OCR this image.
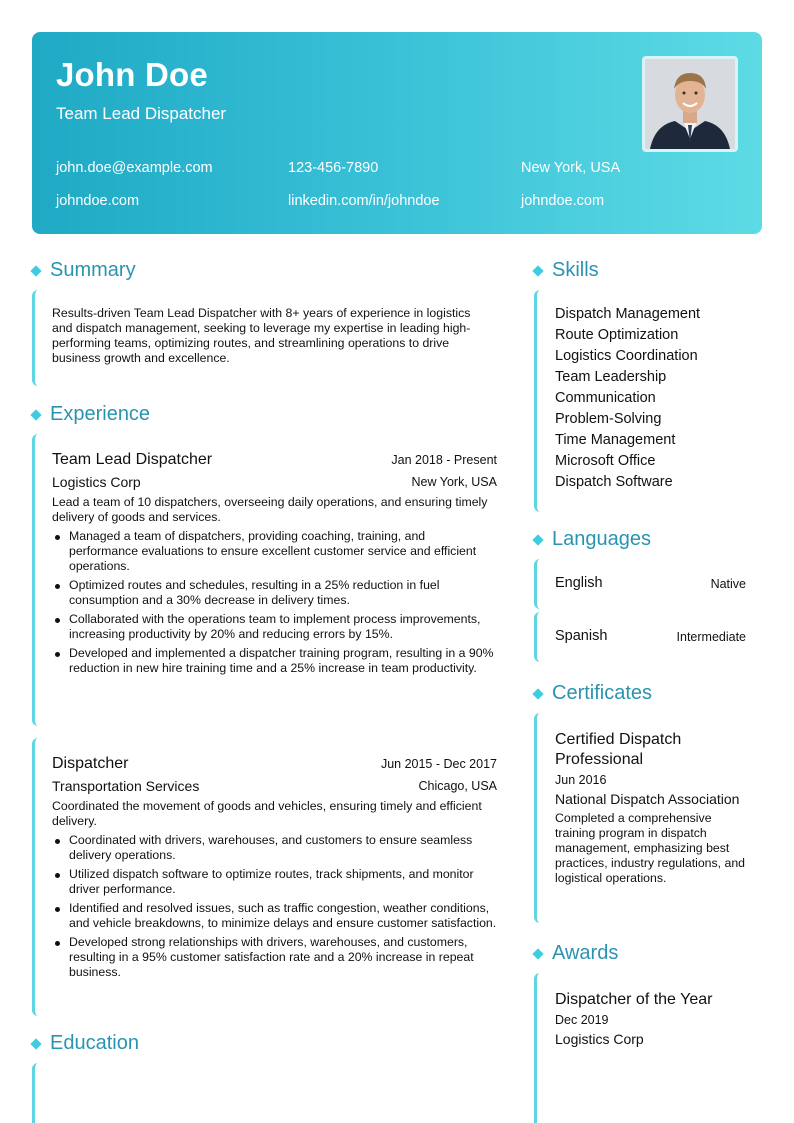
John Doe
Team Lead Dispatcher
john.doe@example.com	123-456-7890	New York, USA
johndoe.com	linkedin.com/in/johndoe	johndoe.com
Summary
Results-driven Team Lead Dispatcher with 8+ years of experience in logistics and dispatch management, seeking to leverage my expertise in leading high-performing teams, optimizing routes, and streamlining operations to drive business growth and excellence.
Experience
Team Lead Dispatcher	Jan 2018 - Present
Logistics Corp	New York, USA
Lead a team of 10 dispatchers, overseeing daily operations, and ensuring timely delivery of goods and services.
Managed a team of dispatchers, providing coaching, training, and performance evaluations to ensure excellent customer service and efficient operations.
Optimized routes and schedules, resulting in a 25% reduction in fuel consumption and a 30% decrease in delivery times.
Collaborated with the operations team to implement process improvements, increasing productivity by 20% and reducing errors by 15%.
Developed and implemented a dispatcher training program, resulting in a 90% reduction in new hire training time and a 25% increase in team productivity.
Dispatcher	Jun 2015 - Dec 2017
Transportation Services	Chicago, USA
Coordinated the movement of goods and vehicles, ensuring timely and efficient delivery.
Coordinated with drivers, warehouses, and customers to ensure seamless delivery operations.
Utilized dispatch software to optimize routes, track shipments, and monitor driver performance.
Identified and resolved issues, such as traffic congestion, weather conditions, and vehicle breakdowns, to minimize delays and ensure customer satisfaction.
Developed strong relationships with drivers, warehouses, and customers, resulting in a 95% customer satisfaction rate and a 20% increase in repeat business.
Education
Skills
Dispatch Management
Route Optimization
Logistics Coordination
Team Leadership
Communication
Problem-Solving
Time Management
Microsoft Office
Dispatch Software
Languages
English	Native
Spanish	Intermediate
Certificates
Certified Dispatch Professional
Jun 2016
National Dispatch Association
Completed a comprehensive training program in dispatch management, emphasizing best practices, industry regulations, and logistical operations.
Awards
Dispatcher of the Year
Dec 2019
Logistics Corp
